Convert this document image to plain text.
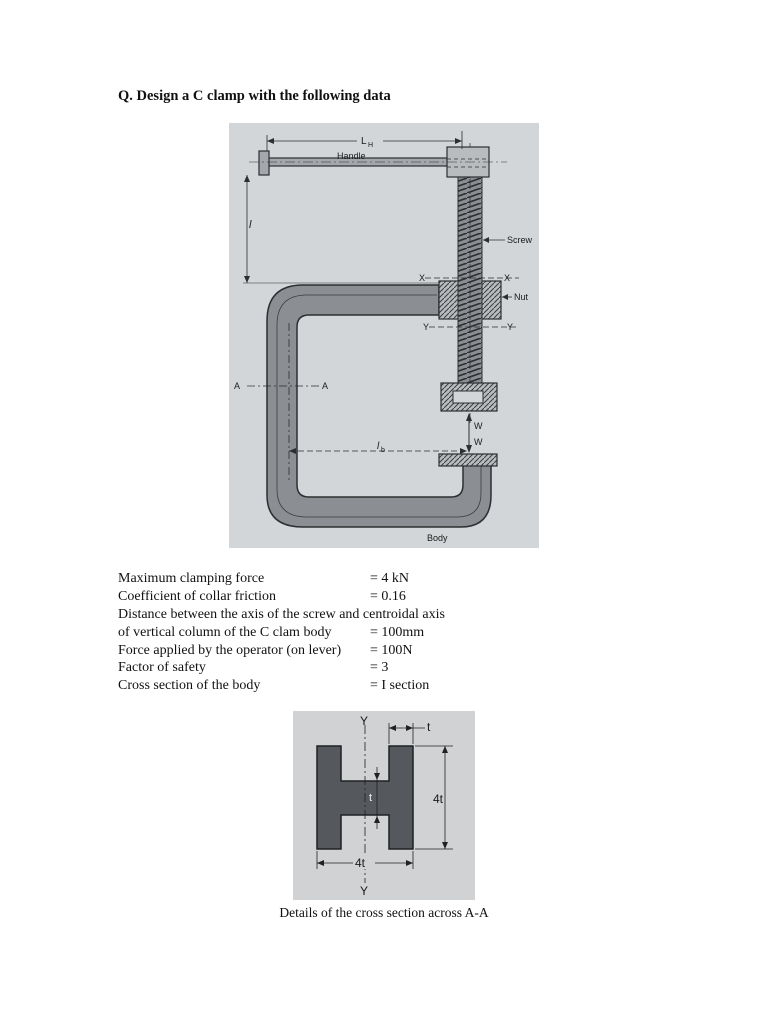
Q. Design a C clamp with the following data
L H
Handle
l
Screw
X	X
Nut
Y	Y
A	A
W
W
l b
Body
Maximum clamping force	= 4 kN
Coefficient of collar friction	= 0.16
Distance between the axis of the screw and centroidal axis
of vertical column of the C clam body	= 100mm
Force applied by the operator (on lever) = 100N
Factor of safety	= 3
Cross section of the body	= I section
Y
Y
t
t	4t
4t
Details of the cross section across A-A
